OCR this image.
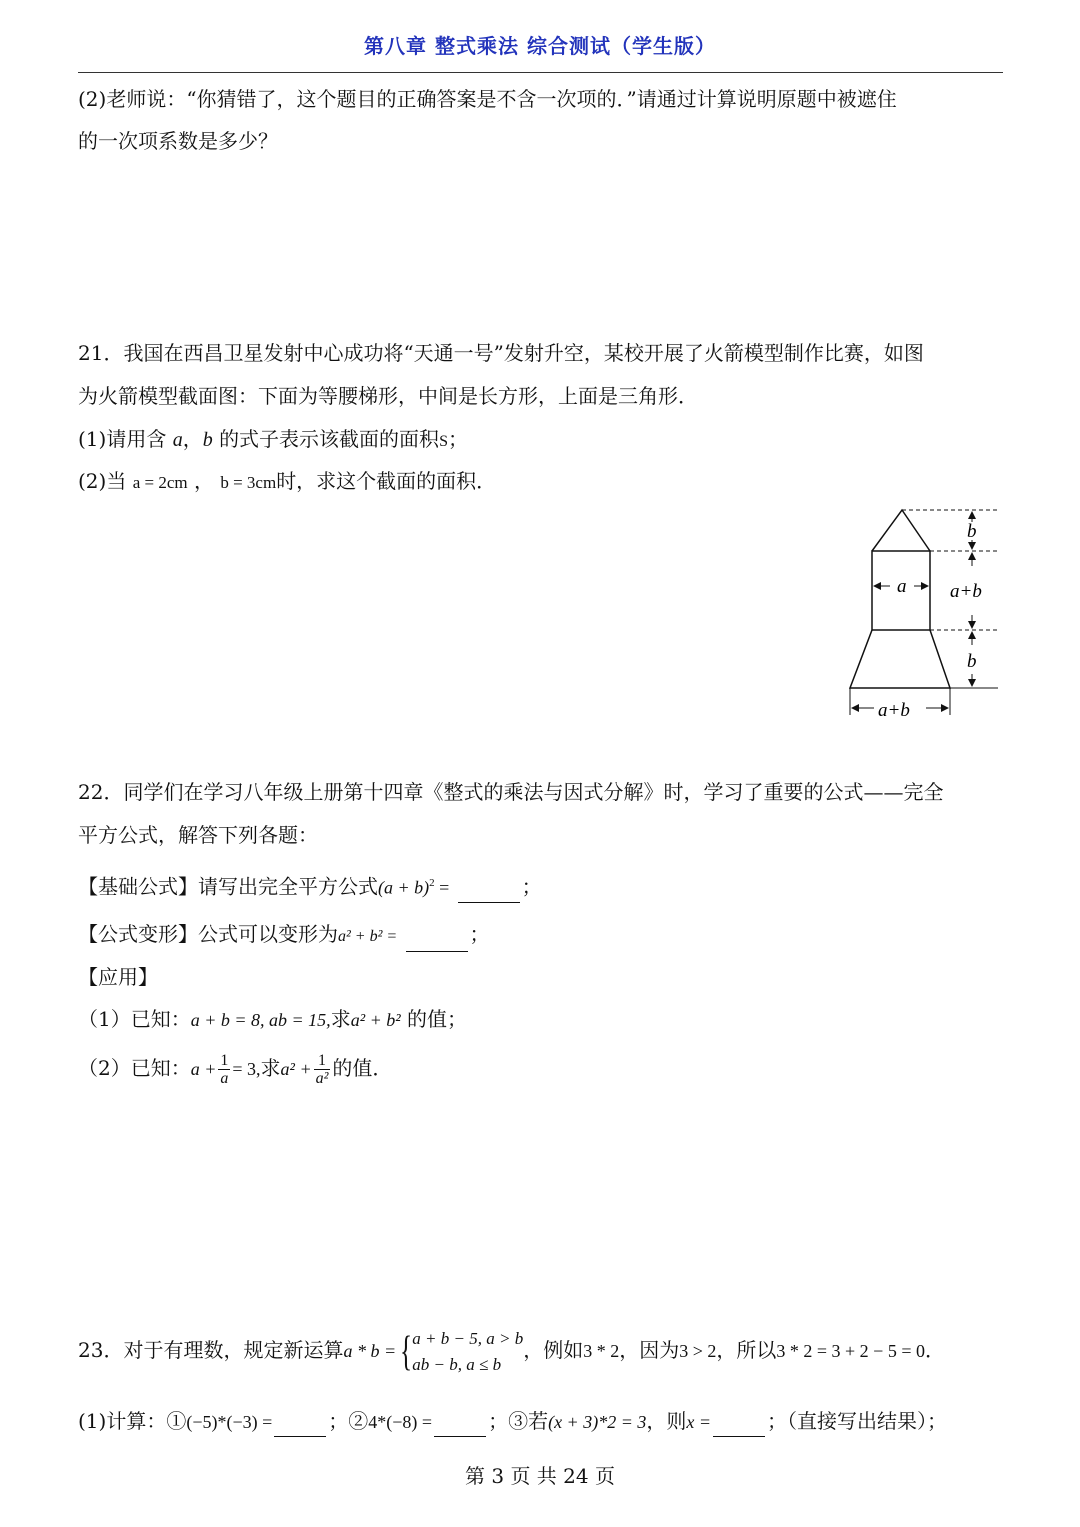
第八章 整式乘法 综合测试（学生版）
(2)老师说：“你猜错了，这个题目的正确答案是不含一次项的．”请通过计算说明原题中被遮住
的一次项系数是多少？
21．我国在西昌卫星发射中心成功将“天通一号”发射升空，某校开展了火箭模型制作比赛，如图
为火箭模型截面图：下面为等腰梯形，中间是长方形，上面是三角形．
(1)请用含 a，b 的式子表示该截面的面积S；
(2)当 a = 2cm ， b = 3cm时，求这个截面的面积．
b
a a+b
b
a+b
22．同学们在学习八年级上册第十四章《整式的乘法与因式分解》时，学习了重要的公式——完全
平方公式，解答下列各题：
【基础公式】请写出完全平方公式$(a + b)^2$ =	；
【公式变形】公式可以变形为a² + b² =	；
【应用】
（1）已知：a + b = 8, ab = 15,求a² + b² 的值；
（2）已知：$a + \frac{1}{a} = 3$,求$a^2 + \frac{1}{\text{a²}}$ 的值．
23．对于有理数，规定新运算a * b ={ a + b − 5, a > b
ab − b, a ≤ b
，例如3 * 2，因为3 > 2，所以3 * 2 = 3 + 2 − 5 = 0．
(1)计算：①(−5)*(−3) =	；②4*(−8) =	；③若(x + 3)*2 = 3，则x =	；（直接写出结果）；
第 3 页 共 24 页
